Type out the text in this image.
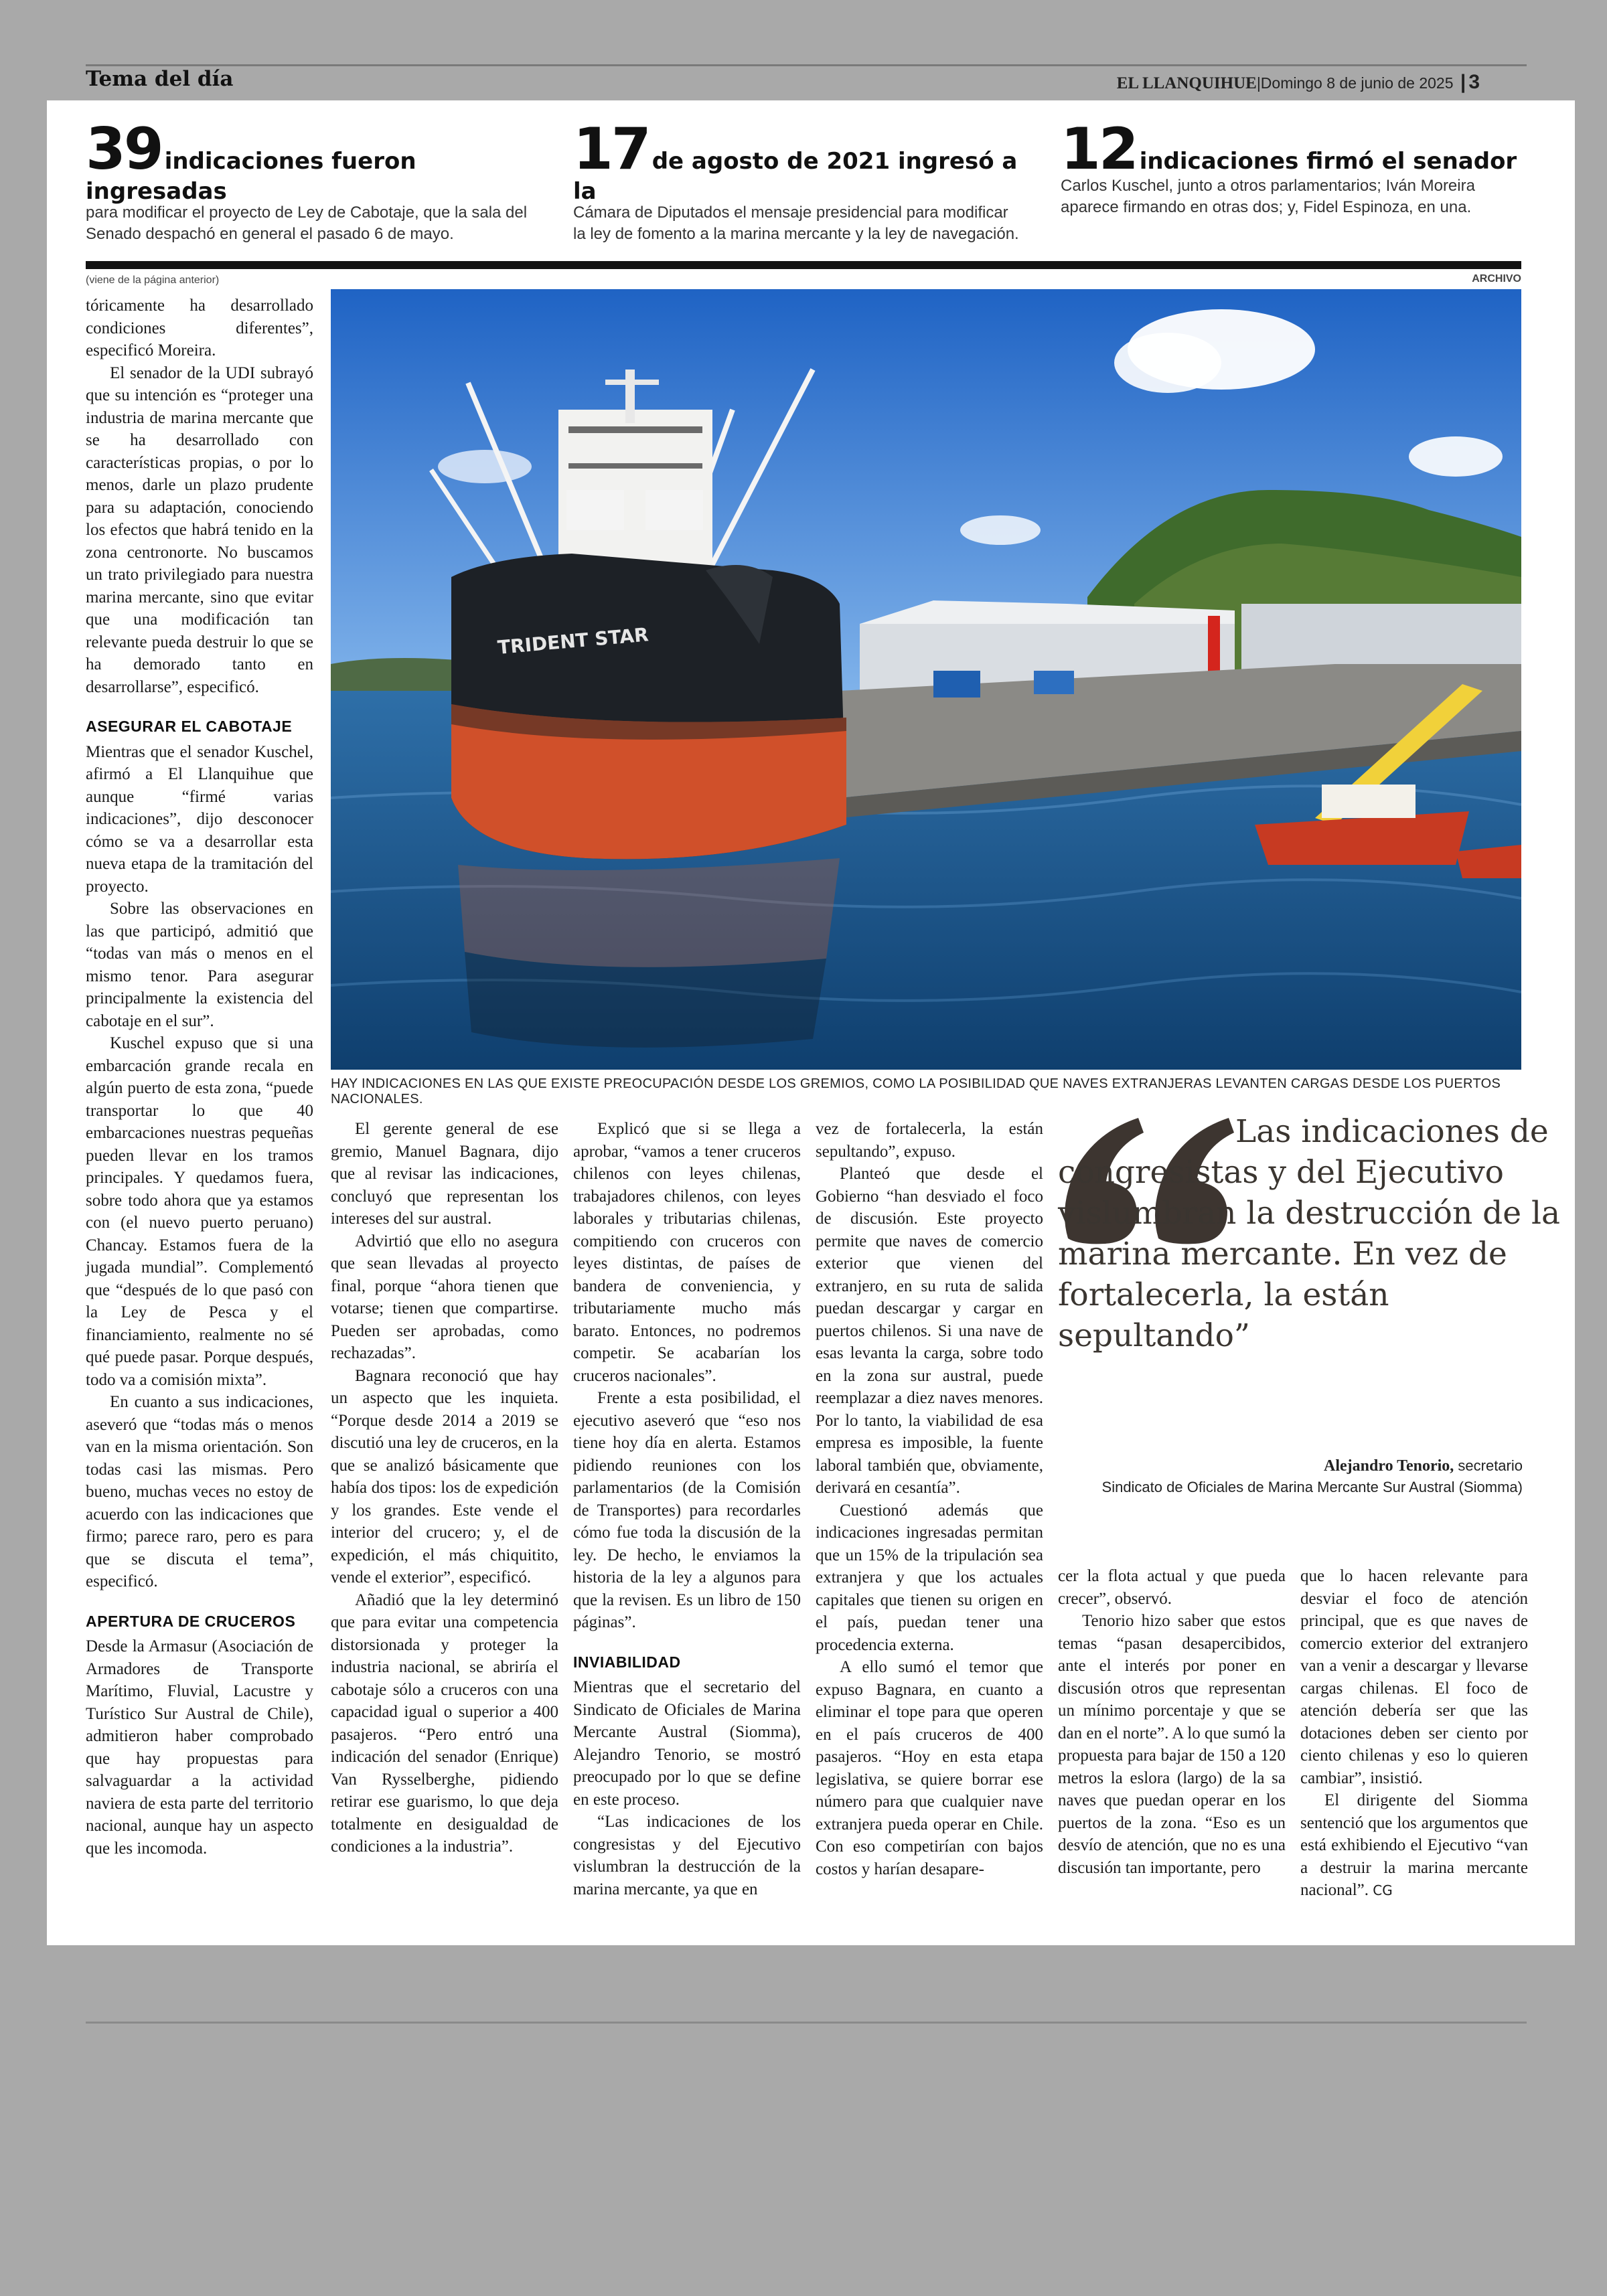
Tema del día	EL LLANQUIHUE|Domingo 8 de junio de 2025 | 3
39 indicaciones fueron ingresadas
para modificar el proyecto de Ley de Cabotaje, que la sala del
Senado despachó en general el pasado 6 de mayo.
17 de agosto de 2021 ingresó a la
Cámara de Diputados el mensaje presidencial para modificar
la ley de fomento a la marina mercante y la ley de navegación.
12 indicaciones firmó el senador
Carlos Kuschel, junto a otros parlamentarios; Iván Moreira
aparece firmando en otras dos; y, Fidel Espinoza, en una.
(viene de la página anterior)	ARCHIVO

tóricamente ha desarrollado condiciones diferentes”, especificó Moreira.

El senador de la UDI subrayó que su intención es “proteger una industria de marina mercante que se ha desarrollado con características propias, o por lo menos, darle un plazo prudente para su adaptación, conociendo los efectos que habrá tenido en la zona centronorte. No buscamos un trato privilegiado para nuestra marina mercante, sino que evitar que una modificación tan relevante pueda destruir lo que se ha demorado tanto en desarrollarse”, especificó.

ASEGURAR EL CABOTAJE

Mientras que el senador Kuschel, afirmó a El Llanquihue que aunque “firmé varias indicaciones”, dijo desconocer cómo se va a desarrollar esta nueva etapa de la tramitación del proyecto.

Sobre las observaciones en las que participó, admitió que “todas van más o menos en el mismo tenor. Para asegurar principalmente la existencia del cabotaje en el sur”.

Kuschel expuso que si una embarcación grande recala en algún puerto de esta zona, “puede transportar lo que 40 embarcaciones nuestras pequeñas pueden llevar en los tramos principales. Y quedamos fuera, sobre todo ahora que ya estamos con (el nuevo puerto peruano) Chancay. Estamos fuera de la jugada mundial”. Complementó que “después de lo que pasó con la Ley de Pesca y el financiamiento, realmente no sé qué puede pasar. Porque después, todo va a comisión mixta”.

En cuanto a sus indicaciones, aseveró que “todas más o menos van en la misma orientación. Son todas casi las mismas. Pero bueno, muchas veces no estoy de acuerdo con las indicaciones que firmo; parece raro, pero es para que se discuta el tema”, especificó.

APERTURA DE CRUCEROS

Desde la Armasur (Asociación de Armadores de Transporte Marítimo, Fluvial, Lacustre y Turístico Sur Austral de Chile), admitieron haber comprobado que hay propuestas para salvaguardar a la actividad naviera de esta parte del territorio nacional, aunque hay un aspecto que les incomoda.

TRIDENT STAR
HAY INDICACIONES EN LAS QUE EXISTE PREOCUPACIÓN DESDE LOS GREMIOS, COMO LA POSIBILIDAD QUE NAVES EXTRANJERAS LEVANTEN CARGAS DESDE LOS PUERTOS NACIONALES.

El gerente general de ese gremio, Manuel Bagnara, dijo que al revisar las indicaciones, concluyó que representan los intereses del sur austral.

Advirtió que ello no asegura que sean llevadas al proyecto final, porque “ahora tienen que votarse; tienen que compartirse. Pueden ser aprobadas, como rechazadas”.

Bagnara reconoció que hay un aspecto que les inquieta. “Porque desde 2014 a 2019 se discutió una ley de cruceros, en la que se analizó básicamente que había dos tipos: los de expedición y los grandes. Este vende el interior del crucero; y, el de expedición, el más chiquitito, vende el exterior”, especificó.

Añadió que la ley determinó que para evitar una competencia distorsionada y proteger la industria nacional, se abriría el cabotaje sólo a cruceros con una capacidad igual o superior a 400 pasajeros. “Pero entró una indicación del senador (Enrique) Van Rysselberghe, pidiendo retirar ese guarismo, lo que deja totalmente en desigualdad de condiciones a la industria”.

Explicó que si se llega a aprobar, “vamos a tener cruceros chilenos con leyes chilenas, trabajadores chilenos, con leyes laborales y tributarias chilenas, compitiendo con cruceros con leyes distintas, de países de bandera de conveniencia, y tributariamente mucho más barato. Entonces, no podremos competir. Se acabarían los cruceros nacionales”.

Frente a esta posibilidad, el ejecutivo aseveró que “eso nos tiene hoy día en alerta. Estamos pidiendo reuniones con los parlamentarios (de la Comisión de Transportes) para recordarles cómo fue toda la discusión de la ley. De hecho, le enviamos la historia de la ley a algunos para que la revisen. Es un libro de 150 páginas”.

INVIABILIDAD

Mientras que el secretario del Sindicato de Oficiales de Marina Mercante Austral (Siomma), Alejandro Tenorio, se mostró preocupado por lo que se define en este proceso.

“Las indicaciones de los congresistas y del Ejecutivo vislumbran la destrucción de la marina mercante, ya que en

vez de fortalecerla, la están sepultando”, expuso.

Planteó que desde el Gobierno “han desviado el foco de discusión. Este proyecto permite que naves de comercio exterior que vienen del extranjero, en su ruta de salida puedan descargar y cargar en puertos chilenos. Si una nave de esas levanta la carga, sobre todo en la zona sur austral, puede reemplazar a diez naves menores. Por lo tanto, la viabilidad de esa empresa es imposible, la fuente laboral también que, obviamente, derivará en cesantía”.

Cuestionó además que indicaciones ingresadas permitan que un 15% de la tripulación sea extranjera y que los actuales capitales que tienen su origen en el país, puedan tener una procedencia externa.

A ello sumó el temor que expuso Bagnara, en cuanto a eliminar el tope para que operen en el país cruceros de 400 pasajeros. “Hoy en esta etapa legislativa, se quiere borrar ese número para que cualquier nave extranjera pueda operar en Chile. Con eso competirían con bajos costos y harían desapare-

Las indicaciones de congresistas y del Ejecutivo vislumbran la destrucción de la marina mercante. En vez de fortalecerla, la están sepultando”
Alejandro Tenorio, secretario
Sindicato de Oficiales de Marina Mercante Sur Austral (Siomma)

cer la flota actual y que pueda crecer”, observó.

Tenorio hizo saber que estos temas “pasan desapercibidos, ante el interés por poner en discusión otros que representan un mínimo porcentaje y que se dan en el norte”. A lo que sumó la propuesta para bajar de 150 a 120 metros la eslora (largo) de la sa naves que puedan operar en los puertos de la zona. “Eso es un desvío de atención, que no es una discusión tan importante, pero

que lo hacen relevante para desviar el foco de atención principal, que es que naves de comercio exterior del extranjero van a venir a descargar y llevarse cargas chilenas. El foco de atención debería ser que las dotaciones deben ser ciento por ciento chilenas y eso lo quieren cambiar”, insistió.

El dirigente del Siomma sentenció que los argumentos que está exhibiendo el Ejecutivo “van a destruir la marina mercante nacional”. CG
